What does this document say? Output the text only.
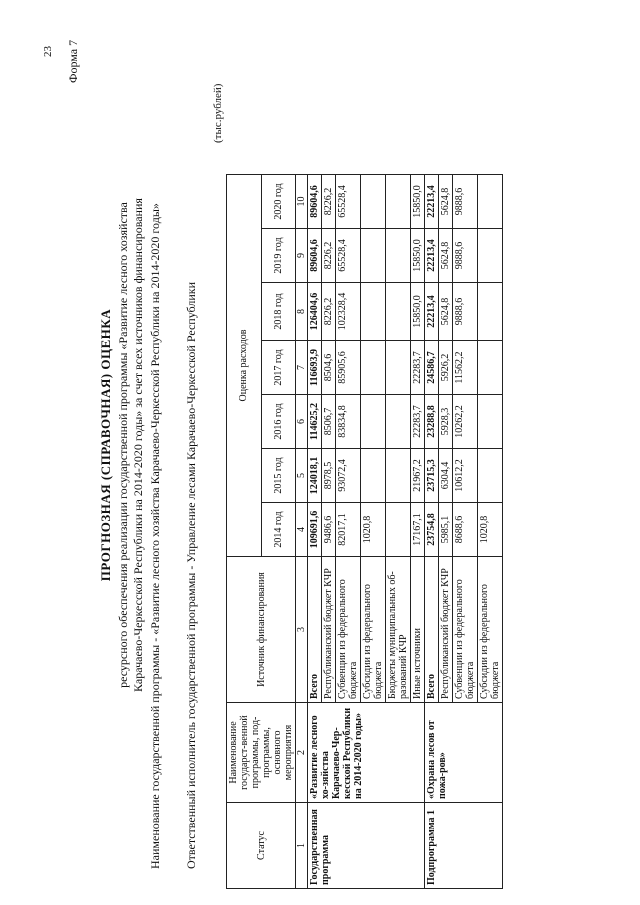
23 Форма 7
ПРОГНОЗНАЯ (СПРАВОЧНАЯ) ОЦЕНКА ресурсного обеспечения реализации государственной программы «Развитие лесного хозяйства Карачаево-Черкесской Республики на 2014-2020 годы» за счет всех источников финансирования Наименование государственной программы - «Развитие лесного хозяйства Карачаево-Черкесской Республики на 2014-2020 годы» Ответственный исполнитель государственной программы - Управление лесами Карачаево-Черкесской Республики
(тыс.рублей)
Статус	Наименование государст-венной программы, под-программы, основного мероприятия	Источник финансирования	Оценка расходов						
			2014 год	2015 год	2016 год	2017 год	2018 год	2019 год	2020 год
1	2	3	4	5	6	7	8	9	10
Государственная программа	«Развитие лесного хо-зяйства Карачаево-Чер-кесской Республики на 2014-2020 годы»	Всего	109691,6	124018,1	114625,2	116693,9	126404,6	89604,6	89604,6
		Республиканский бюджет КЧР	9486,6	8978,5	8506,7	8504,6	8226,2	8226,2	8226,2
		Субвенции из федерального бюджета	82017,1	93072,4	83834,8	85905,6	102328,4	65528,4	65528,4
		Субсидии из федерального бюджета	1020,8						
		Бюджеты муниципальных об-разований КЧР							
		Иные источники	17167,1	21967,2	22283,7	22283,7	15850,0	15850,0	15850,0
Подпрограмма 1	«Охрана лесов от пожа-ров»	Всего	23754,8	23715,3	23288,8	24586,7	22213,4	22213,4	22213,4
		Республиканский бюджет КЧР	5985,1	6304,4	5928,3	5926,2	5624,8	5624,8	5624,8
		Субвенции из федерального бюджета	8688,6	10612,2	10262,2	11562,2	9888,6	9888,6	9888,6
		Субсидии из федерального бюджета	1020,8						
